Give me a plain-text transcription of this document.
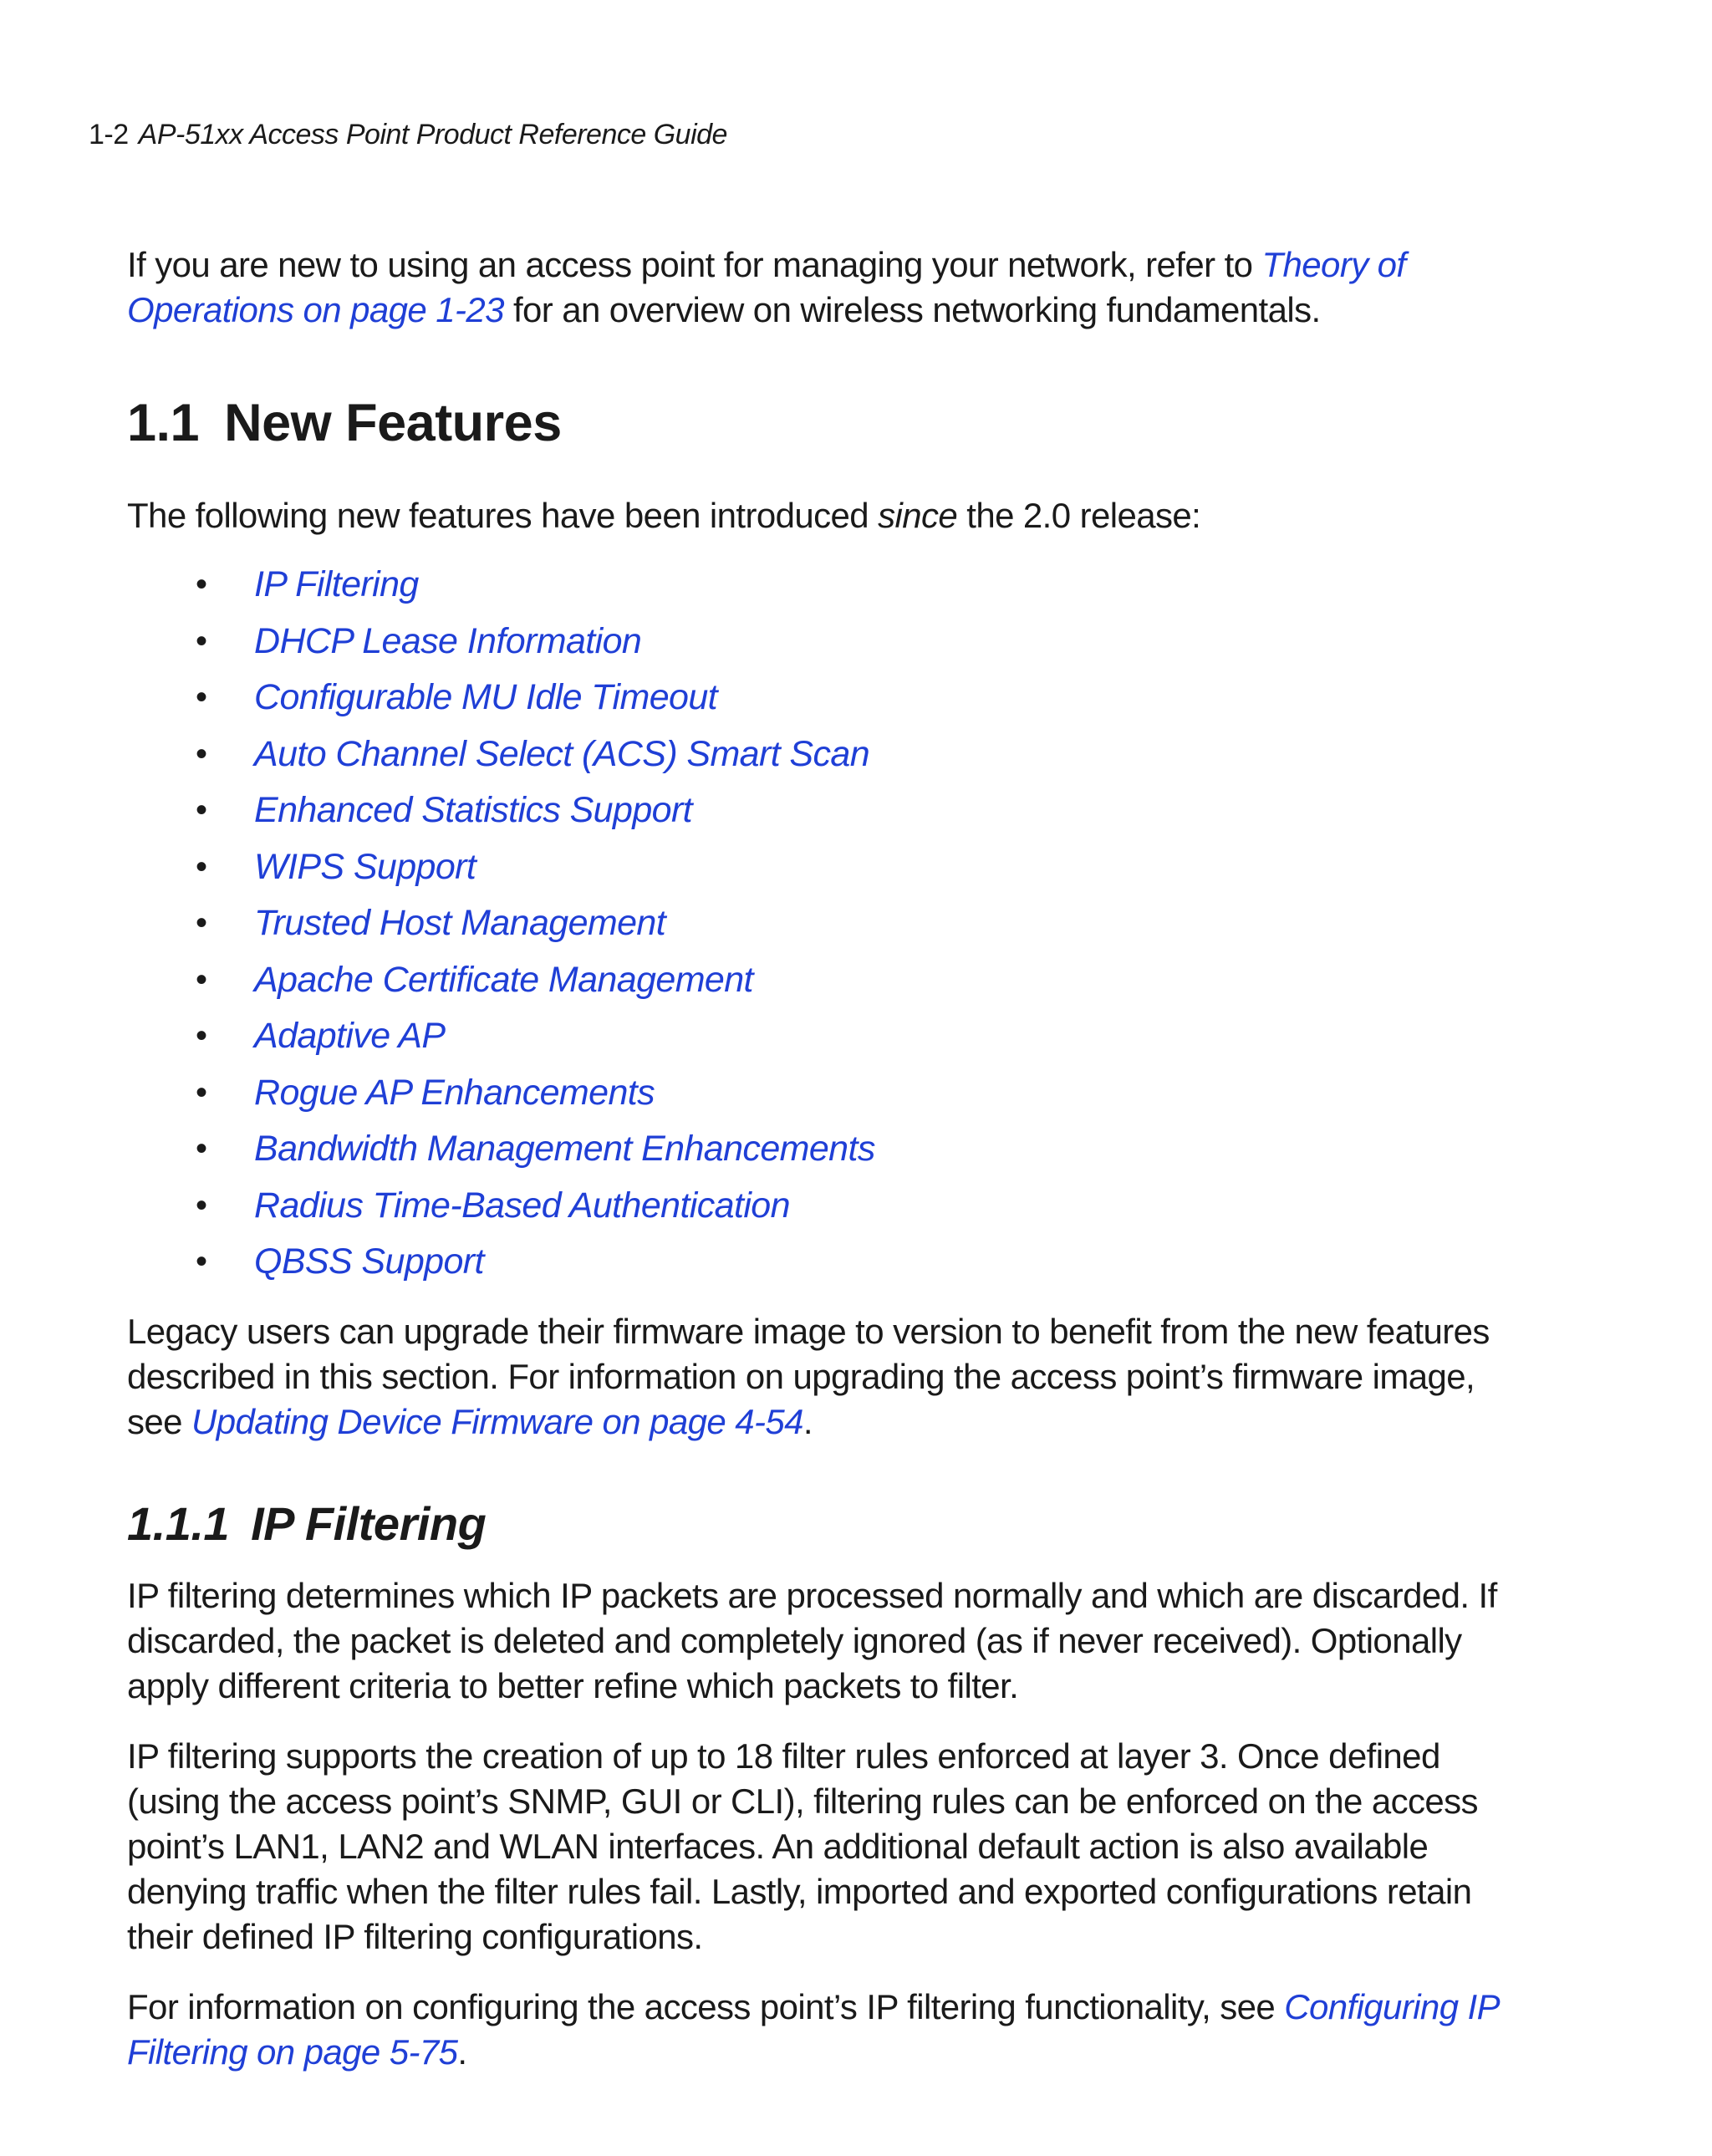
1-2 AP-51xx Access Point Product Reference Guide

If you are new to using an access point for managing your network, refer to Theory of Operations on page 1-23 for an overview on wireless networking fundamentals.

1.1 New Features

The following new features have been introduced since the 2.0 release:

•	IP Filtering
•	DHCP Lease Information
•	Configurable MU Idle Timeout
•	Auto Channel Select (ACS) Smart Scan
•	Enhanced Statistics Support
•	WIPS Support
•	Trusted Host Management
•	Apache Certificate Management
•	Adaptive AP
•	Rogue AP Enhancements
•	Bandwidth Management Enhancements
•	Radius Time-Based Authentication
•	QBSS Support

Legacy users can upgrade their firmware image to version to benefit from the new features described in this section. For information on upgrading the access point’s firmware image, see Updating Device Firmware on page 4-54.

1.1.1 IP Filtering

IP filtering determines which IP packets are processed normally and which are discarded. If discarded, the packet is deleted and completely ignored (as if never received). Optionally apply different criteria to better refine which packets to filter.

IP filtering supports the creation of up to 18 filter rules enforced at layer 3. Once defined (using the access point’s SNMP, GUI or CLI), filtering rules can be enforced on the access point’s LAN1, LAN2 and WLAN interfaces. An additional default action is also available denying traffic when the filter rules fail. Lastly, imported and exported configurations retain their defined IP filtering configurations.

For information on configuring the access point’s IP filtering functionality, see Configuring IP Filtering on page 5-75.
